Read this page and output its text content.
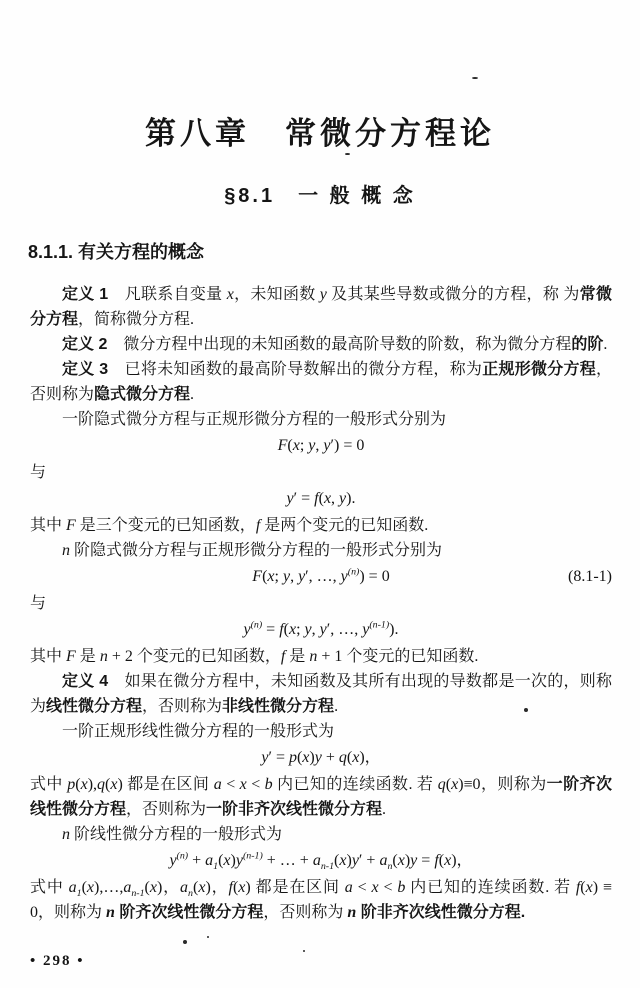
第八章　常微分方程论
§8.1　一 般 概 念
8.1.1. 有关方程的概念
定义 1　凡联系自变量 x，未知函数 y 及其某些导数或微分的方程，称 为常微分方程，简称微分方程.
定义 2　微分方程中出现的未知函数的最高阶导数的阶数，称为微分方程的阶.
定义 3　已将未知函数的最高阶导数解出的微分方程，称为正规形微分方程，否则称为隐式微分方程.
一阶隐式微分方程与正规形微分方程的一般形式分别为
F(x; y, y′) = 0
与
y′ = f(x, y).
其中 F 是三个变元的已知函数，f 是两个变元的已知函数.
n 阶隐式微分方程与正规形微分方程的一般形式分别为
F(x; y, y′, …, $y^{(n)}) = 0$	(8.1-1)
与
$y^{(n)} = f(x$; y, y′, …, $y^{(n-1)}$).
其中 F 是 n + 2 个变元的已知函数，f 是 n + 1 个变元的已知函数.
定义 4　如果在微分方程中，未知函数及其所有出现的导数都是一次的，则称为线性微分方程，否则称为非线性微分方程.
一阶正规形线性微分方程的一般形式为
y′ = p(x)y + q(x)，
式中 p(x),q(x) 都是在区间 a < x < b 内已知的连续函数. 若 q(x)≡0，则称为一阶齐次线性微分方程，否则称为一阶非齐次线性微分方程.
n 阶线性微分方程的一般形式为
$y^{(n)} + a_1(x)y^{(n-1)}$ + … + $a_{n-1}(x)y' + a_n(x)y = f(x)$，
式中 $a_1(x),\dots,a_{n-1}(x)$，$a_n(x)$，f(x) 都是在区间 a < x < b 内已知的连续函数. 若 f(x) ≡ 0，则称为 n 阶齐次线性微分方程，否则称为 n 阶非齐次线性微分方程.
• 298 •
